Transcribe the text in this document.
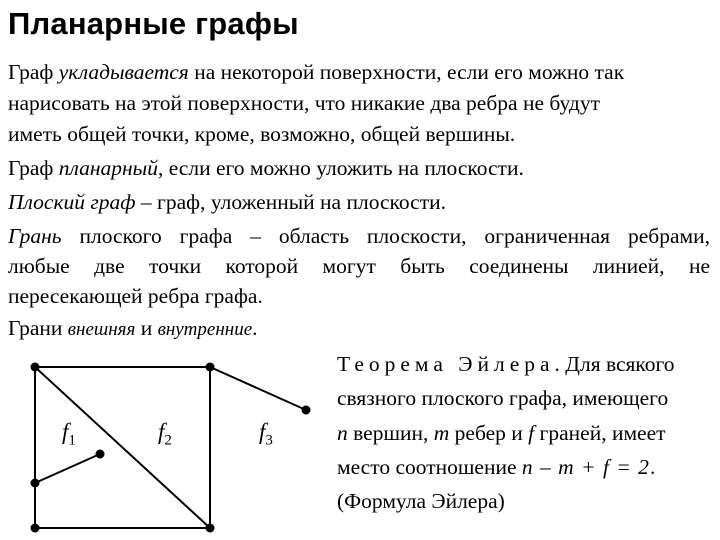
Планарные графы
Граф укладывается на некоторой поверхности, если его можно так
нарисовать на этой поверхности, что никакие два ребра не будут
иметь общей точки, кроме, возможно, общей вершины.
Граф планарный, если его можно уложить на плоскости.
Плоский граф – граф, уложенный на плоскости.
Грань плоского графа – область плоскости, ограниченная ребрами,
любые две точки которой могут быть соединены линией, не
пересекающей ребра графа.
Грани внешняя и внутренние.
Теорема Эйлера. Для всякого
связного плоского графа, имеющего
n вершин, m ребер и f граней, имеет
место соотношение n – m + f = 2.
(Формула Эйлера)
$f_1$	$f_2$	$f_3$
